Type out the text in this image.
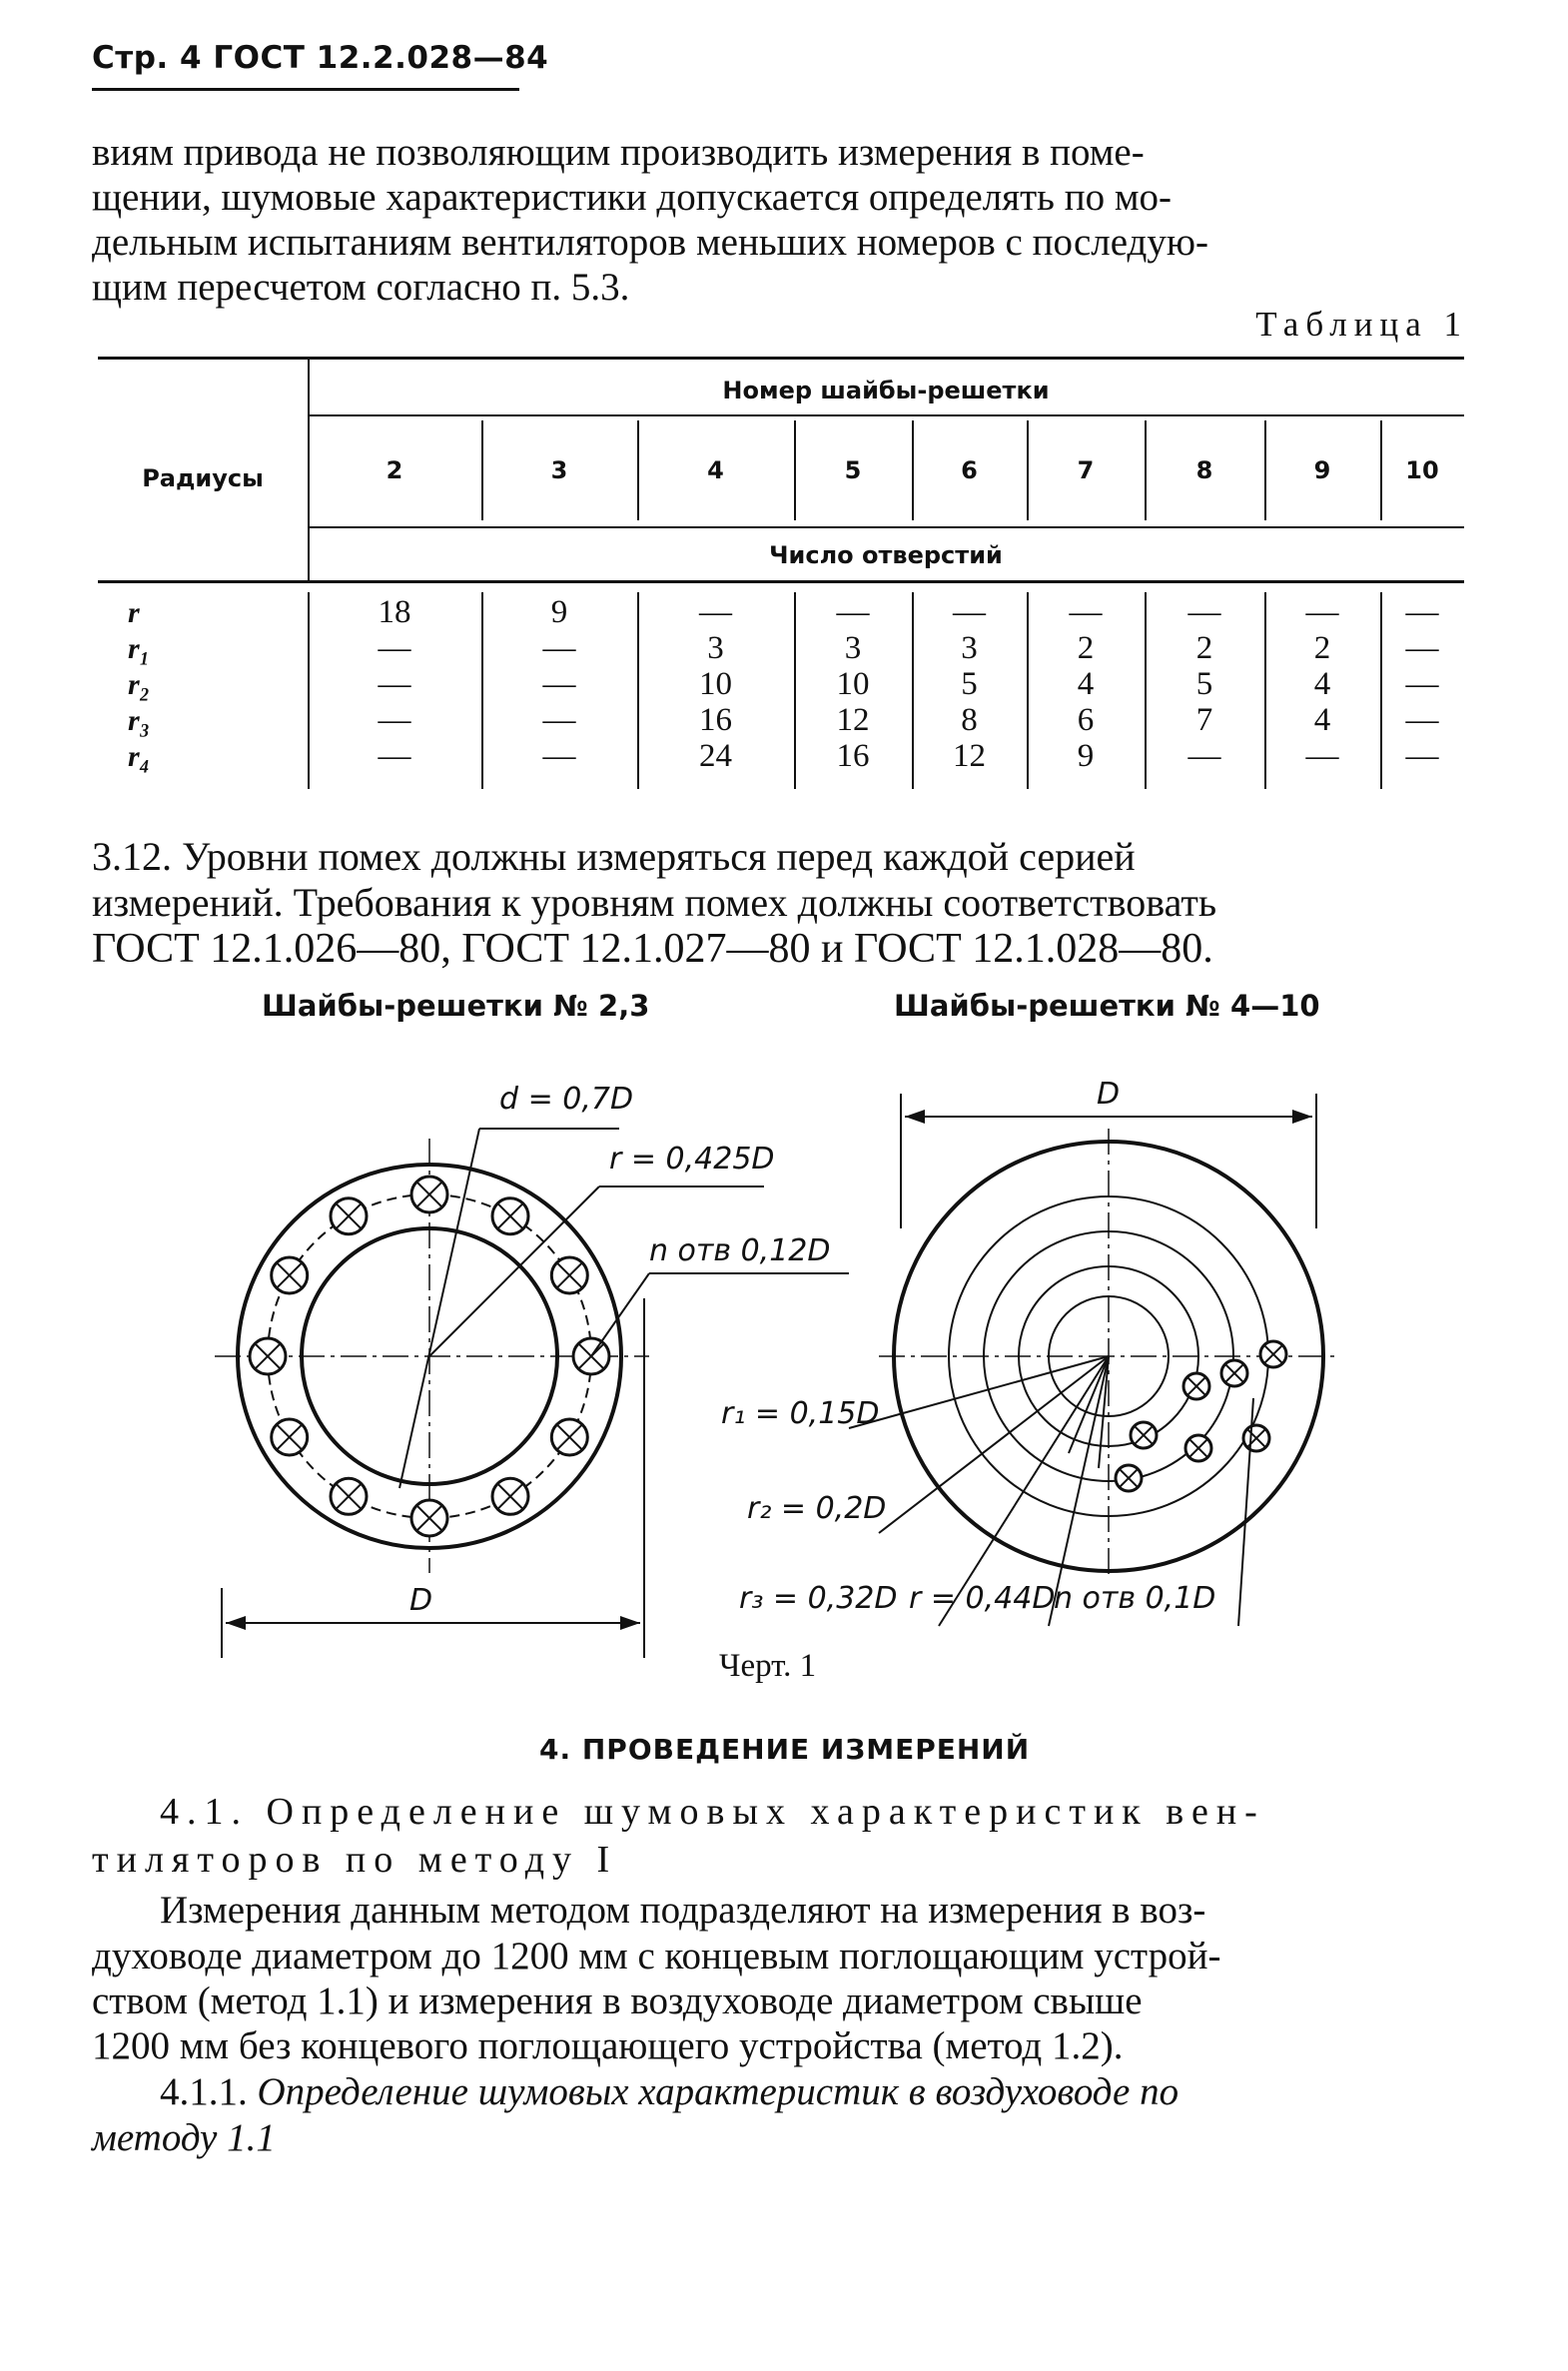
Стр. 4 ГОСТ 12.2.028—84
виям привода не позволяющим производить измерения в поме-
щении, шумовые характеристики допускается определять по мо-
дельным испытаниям вентиляторов меньших номеров с последую-
щим пересчетом согласно п. 5.3.
Таблица 1
Радиусы
Номер шайбы-решетки
Число отверстий
2	3	4	5	6	7	8	9	10
r	18	9	—	—	—	—	—	—	—
r₁	—	—	3	3	3	2	2	2	—
r₂	—	—	10	10	5	4	5	4	—
r₃	—	—	16	12	8	6	7	4	—
r₄	—	—	24	16	12	9	—	—	—
3.12. Уровни помех должны измеряться перед каждой серией
измерений. Требования к уровням помех должны соответствовать
ГОСТ 12.1.026—80, ГОСТ 12.1.027—80 и ГОСТ 12.1.028—80.
Шайбы-решетки № 2,3	Шайбы-решетки № 4—10
d = 0,7D
r = 0,425D
n отв 0,12D
D
D
r₁ = 0,15D
r₂ = 0,2D
r₃ = 0,32D r = 0,44D
n отв 0,1D
Черт. 1
4. ПРОВЕДЕНИЕ ИЗМЕРЕНИЙ
4.1. Определение шумовых характеристик вен-
тиляторов по методу I
Измерения данным методом подразделяют на измерения в воз-
духоводе диаметром до 1200 мм с концевым поглощающим устрой-
ством (метод 1.1) и измерения в воздуховоде диаметром свыше
1200 мм без концевого поглощающего устройства (метод 1.2).
4.1.1. Определение шумовых характеристик в воздуховоде по
методу 1.1
